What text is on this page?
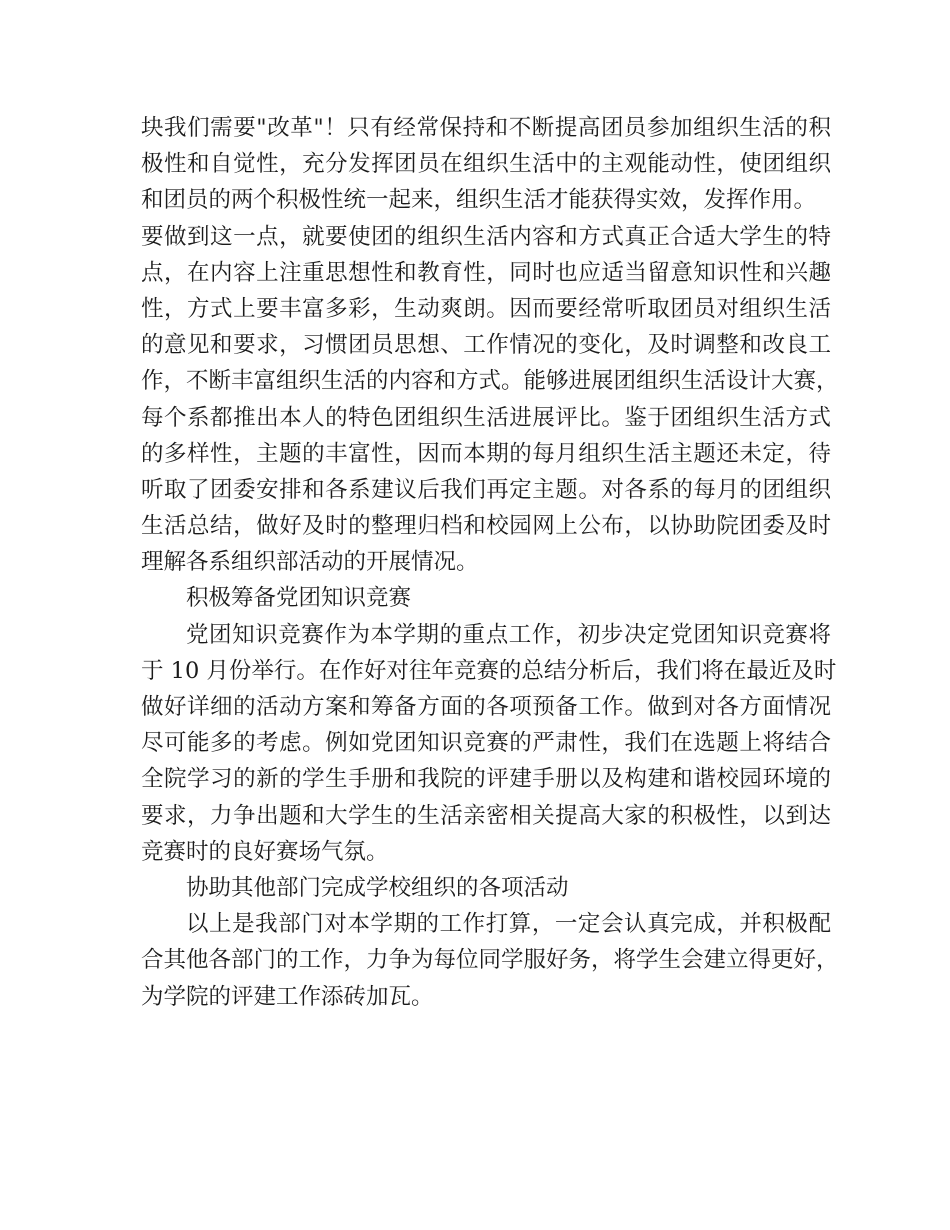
块我们需要"改革"！只有经常保持和不断提高团员参加组织生活的积
极性和自觉性，充分发挥团员在组织生活中的主观能动性，使团组织
和团员的两个积极性统一起来，组织生活才能获得实效，发挥作用。
要做到这一点，就要使团的组织生活内容和方式真正合适大学生的特
点，在内容上注重思想性和教育性，同时也应适当留意知识性和兴趣
性，方式上要丰富多彩，生动爽朗。因而要经常听取团员对组织生活
的意见和要求，习惯团员思想、工作情况的变化，及时调整和改良工
作，不断丰富组织生活的内容和方式。能够进展团组织生活设计大赛，
每个系都推出本人的特色团组织生活进展评比。鉴于团组织生活方式
的多样性，主题的丰富性，因而本期的每月组织生活主题还未定，待
听取了团委安排和各系建议后我们再定主题。对各系的每月的团组织
生活总结，做好及时的整理归档和校园网上公布，以协助院团委及时
理解各系组织部活动的开展情况。
积极筹备党团知识竞赛
党团知识竞赛作为本学期的重点工作，初步决定党团知识竞赛将
于 10 月份举行。在作好对往年竞赛的总结分析后，我们将在最近及时
做好详细的活动方案和筹备方面的各项预备工作。做到对各方面情况
尽可能多的考虑。例如党团知识竞赛的严肃性，我们在选题上将结合
全院学习的新的学生手册和我院的评建手册以及构建和谐校园环境的
要求，力争出题和大学生的生活亲密相关提高大家的积极性，以到达
竞赛时的良好赛场气氛。
协助其他部门完成学校组织的各项活动
以上是我部门对本学期的工作打算，一定会认真完成，并积极配
合其他各部门的工作，力争为每位同学服好务，将学生会建立得更好，
为学院的评建工作添砖加瓦。
